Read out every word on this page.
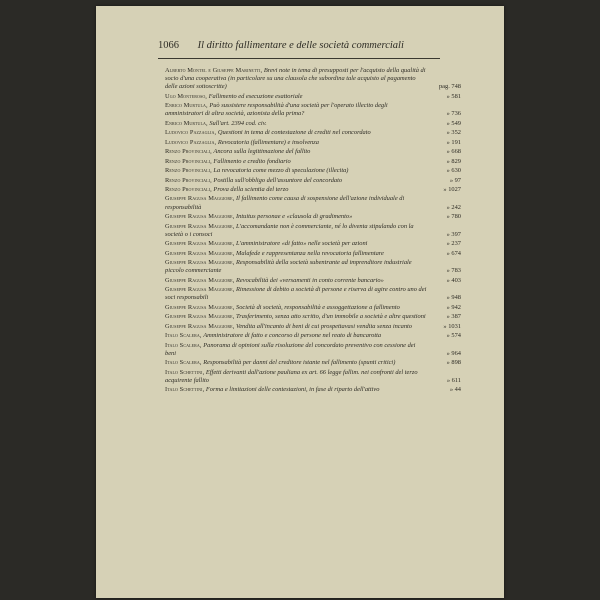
1066 Il diritto fallimentare e delle società commerciali
Alberto Montel e Giuseppe Marinetti, Brevi note in tema di presupposti per l'acquisto della qualità di socio d'una cooperativa (in particolare su una clausola che subordina tale acquisto al pagamento delle azioni sottoscritte)	pag. 748
Ugo Monteroso, Fallimento ed esecuzione esattoriale	» 581
Enrico Murtula, Può sussistere responsabilità d'una società per l'operato illecito degli amministratori di altra società, azionista della prima?	» 736
Enrico Murtula, Sull'art. 2394 cod. civ.	» 549
Ludovico Pazzaglia, Questioni in tema di contestazione di crediti nel concordato	» 352
Ludovico Pazzaglia, Revocatoria (fallimentare) e insolvenza	» 191
Renzo Provinciali, Ancora sulla legittimazione del fallito	» 668
Renzo Provinciali, Fallimento e credito fondiario	» 829
Renzo Provinciali, La revocatoria come mezzo di speculazione (illecita)	» 630
Renzo Provinciali, Postilla sull'obbligo dell'assuntore del concordato	» 97
Renzo Provinciali, Prova della scientia del terzo	» 1027
Giuseppe Ragusa Maggiore, Il fallimento come causa di sospensione dell'azione individuale di responsabilità	» 242
Giuseppe Ragusa Maggiore, Intuitus personae e «clausola di gradimento»	» 780
Giuseppe Ragusa Maggiore, L'accomandante non è commerciante, né lo diventa stipulando con la società o i consoci	» 397
Giuseppe Ragusa Maggiore, L'amministratore «di fatto» nelle società per azioni	» 237
Giuseppe Ragusa Maggiore, Malafede e rappresentanza nella revocatoria fallimentare	» 674
Giuseppe Ragusa Maggiore, Responsabilità della società subentrante ad imprenditore industriale piccolo commerciante	» 783
Giuseppe Ragusa Maggiore, Revocabilità dei «versamenti in conto corrente bancario»	» 403
Giuseppe Ragusa Maggiore, Rimessione di debito a società di persone e riserva di agire contro uno dei soci responsabili	» 948
Giuseppe Ragusa Maggiore, Società di società, responsabilità e assoggettazione a fallimento	» 942
Giuseppe Ragusa Maggiore, Trasferimento, senza atto scritto, d'un immobile a società e altre questioni	» 387
Giuseppe Ragusa Maggiore, Vendita all'incanto di beni di cui prospettavasi vendita senza incanto	» 1031
Italo Scalera, Amministratore di fatto e concorso di persone nel reato di bancarotta	» 574
Italo Scalera, Panorama di opinioni sulla risoluzione del concordato preventivo con cessione dei beni	» 964
Italo Scalera, Responsabilità per danni del creditore istante nel fallimento (spunti critici)	» 898
Italo Schettini, Effetti derivanti dall'azione pauliana ex art. 66 legge fallim. nei confronti del terzo acquirente fallito	» 611
Italo Schettini, Forma e limitazioni delle contestazioni, in fase di riparto dell'attivo	» 44
